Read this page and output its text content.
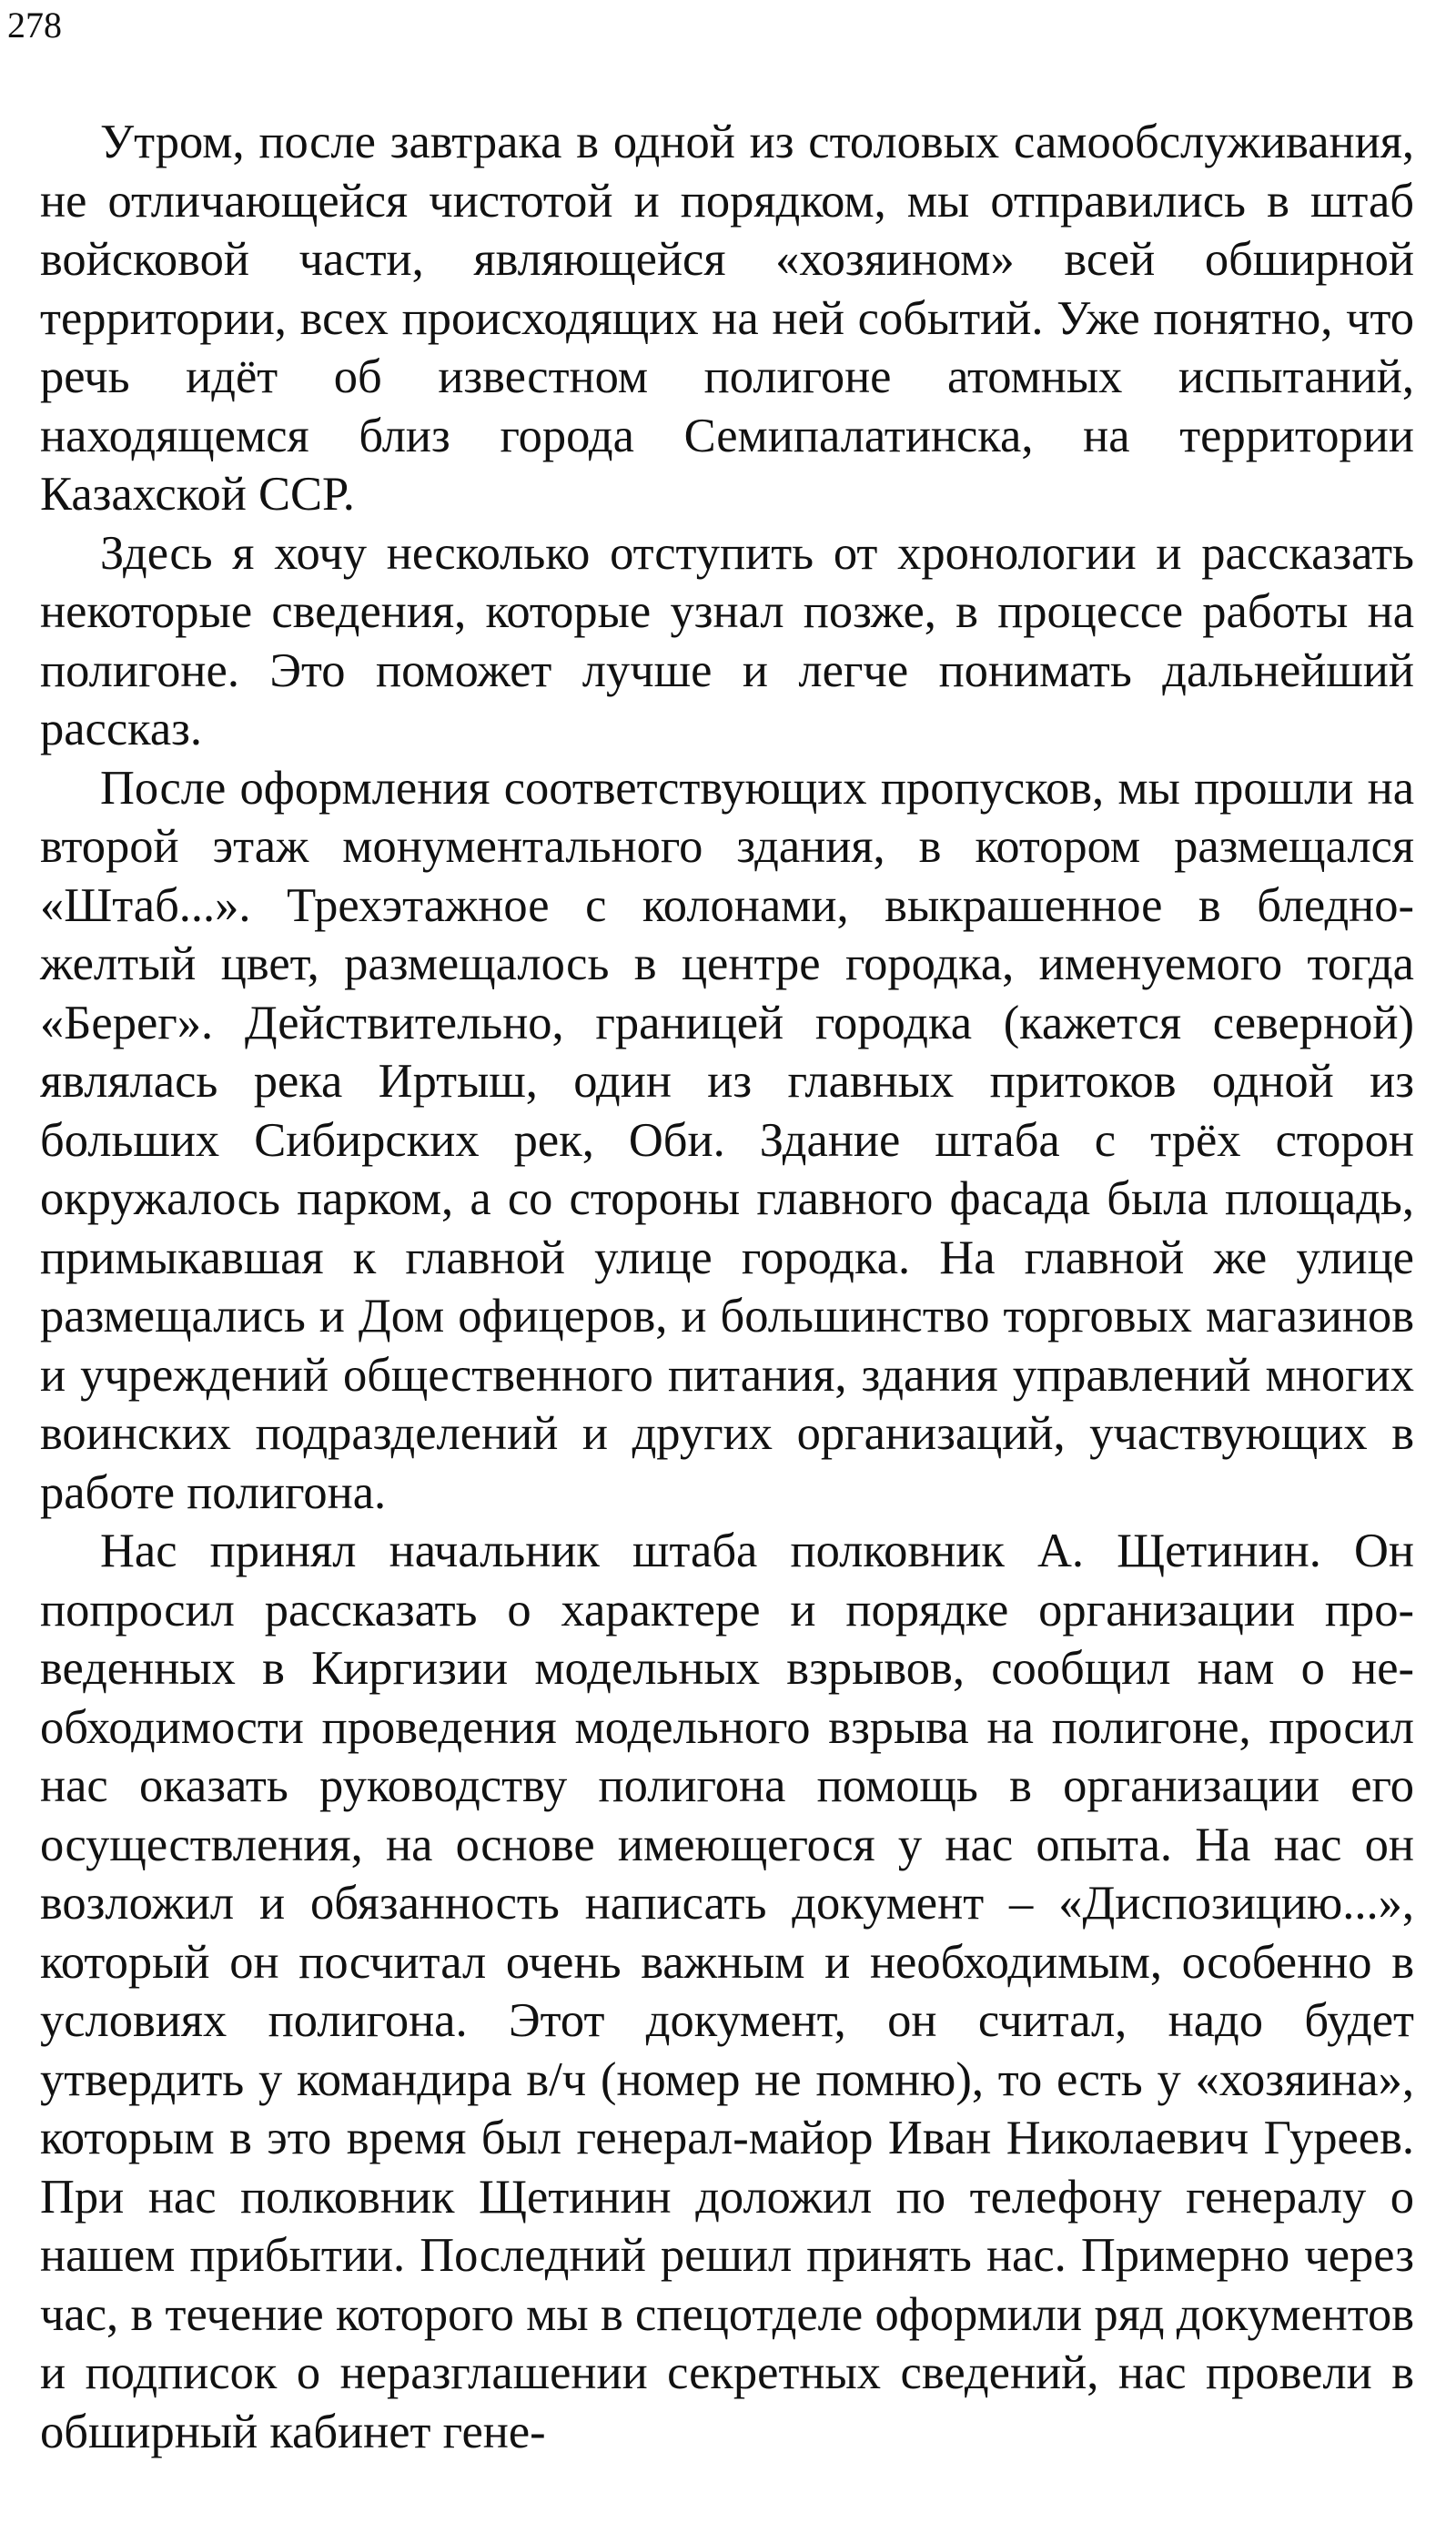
278

Утром, после завтрака в одной из столовых самообслуживания, не отличающейся чистотой и порядком, мы отправились в штаб войсковой части, являющейся «хозяином» всей обширной территории, всех происходящих на ней событий. Уже понятно, что речь идёт об известном полигоне атомных испытаний, находящемся близ города Семипалатинска, на территории Казахской ССР.

Здесь я хочу несколько отступить от хронологии и рассказать некоторые сведения, которые узнал позже, в процессе работы на полигоне. Это поможет лучше и легче понимать дальнейший рассказ.

После оформления соответствующих пропусков, мы прошли на второй этаж монументального здания, в котором размещался «Штаб...». Трехэтажное с колонами, выкрашенное в бледно-желтый цвет, размещалось в центре городка, именуемого тогда «Берег». Действительно, границей городка (кажется северной) являлась река Иртыш, один из главных притоков одной из больших Сибирских рек, Оби. Здание штаба с трёх сторон окружалось парком, а со стороны главного фасада была площадь, примыкавшая к главной улице городка. На главной же улице размещались и Дом офицеров, и большинство торговых магазинов и учреждений общественного питания, здания управлений многих воинских подразделений и других организаций, участвующих в работе полигона.

Нас принял начальник штаба полковник А. Щетинин. Он попросил рассказать о характере и порядке организации проведенных в Киргизии модельных взрывов, сообщил нам о необходимости проведения модельного взрыва на полигоне, просил нас оказать руководству полигона помощь в организации его осуществления, на основе имеющегося у нас опыта. На нас он возложил и обязанность написать документ – «Диспозицию...», который он посчитал очень важным и необходимым, особенно в условиях полигона. Этот документ, он считал, надо будет утвердить у командира в/ч (номер не помню), то есть у «хозяина», которым в это время был генерал-майор Иван Николаевич Гуреев. При нас полковник Щетинин доложил по телефону генералу о нашем прибытии. Последний решил принять нас. Примерно через час, в течение которого мы в спецотделе оформили ряд документов и подписок о неразглашении секретных сведений, нас провели в обширный кабинет гене-
